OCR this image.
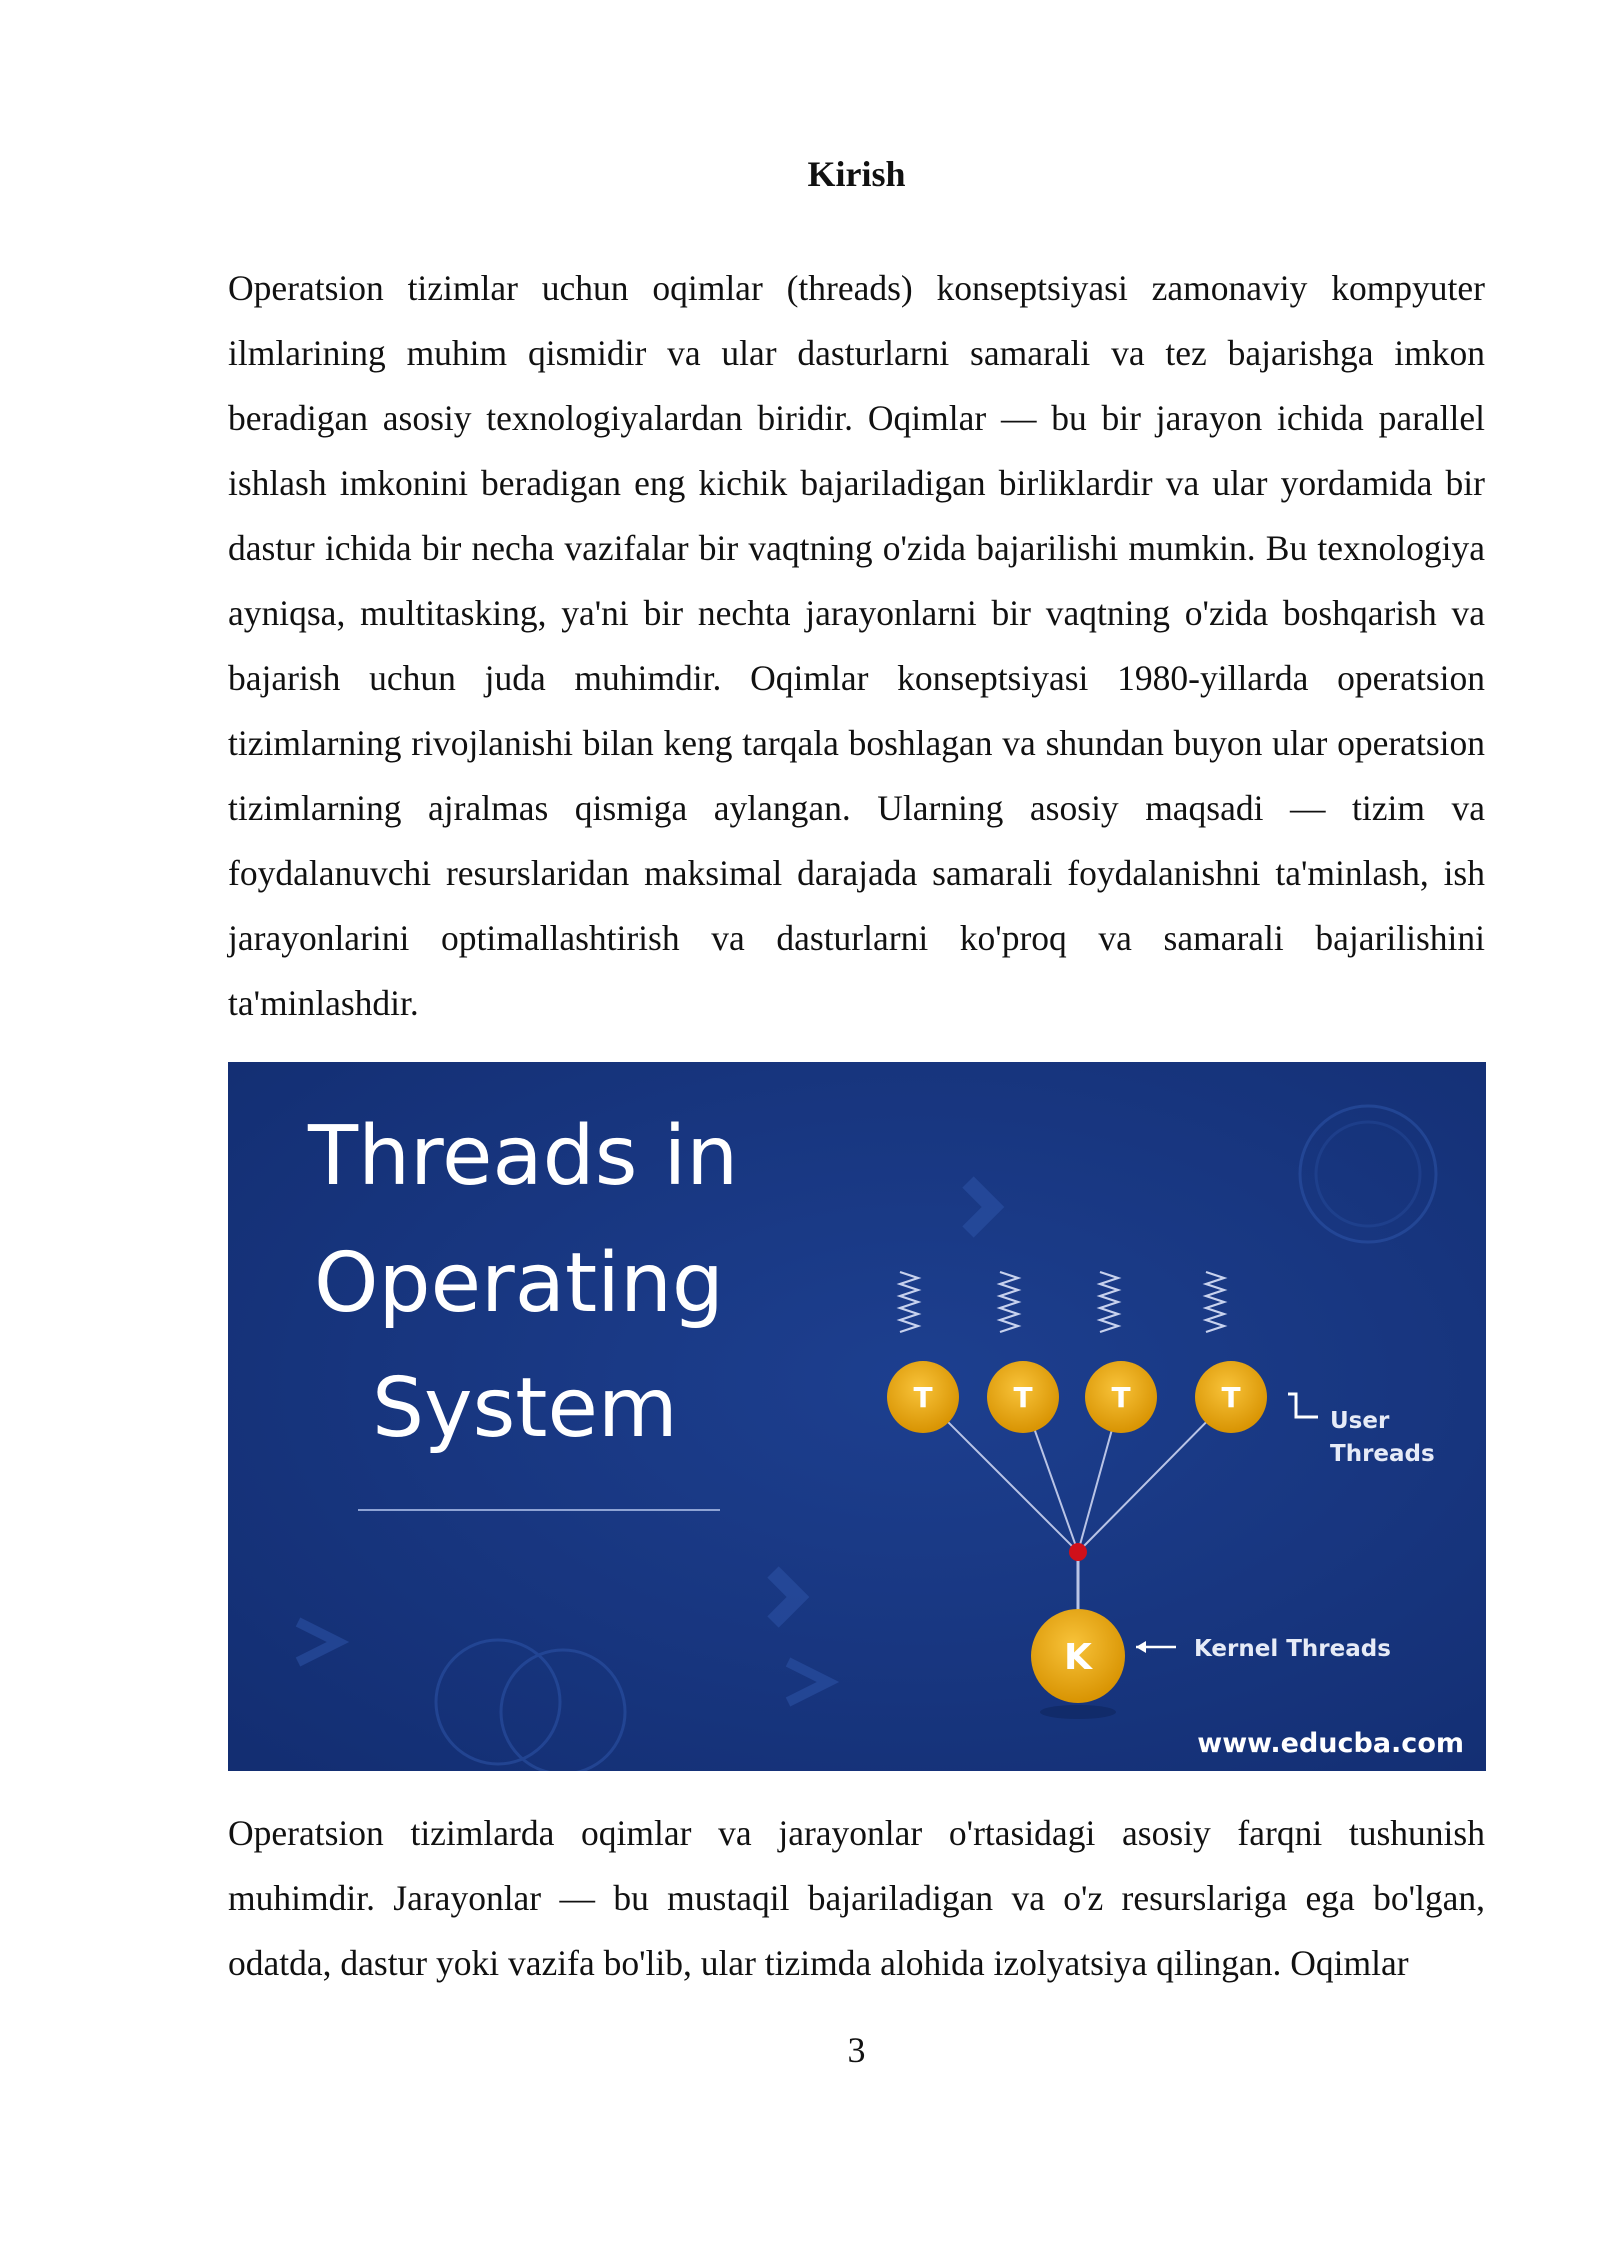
Kirish

Operatsion tizimlar uchun oqimlar (threads) konseptsiyasi zamonaviy kompyuter ilmlarining muhim qismidir va ular dasturlarni samarali va tez bajarishga imkon beradigan asosiy texnologiyalardan biridir. Oqimlar — bu bir jarayon ichida parallel ishlash imkonini beradigan eng kichik bajariladigan birliklardir va ular yordamida bir dastur ichida bir necha vazifalar bir vaqtning o'zida bajarilishi mumkin. Bu texnologiya ayniqsa, multitasking, ya'ni bir nechta jarayonlarni bir vaqtning o'zida boshqarish va bajarish uchun juda muhimdir. Oqimlar konseptsiyasi 1980-yillarda operatsion tizimlarning rivojlanishi bilan keng tarqala boshlagan va shundan buyon ular operatsion tizimlarning ajralmas qismiga aylangan. Ularning asosiy maqsadi — tizim va foydalanuvchi resurslaridan maksimal darajada samarali foydalanishni ta'minlash, ish jarayonlarini optimallashtirish va dasturlarni ko'proq va samarali bajarilishini ta'minlashdir.

Threads in
Operating
System	T	T	T	T
User
Threads
K	Kernel Threads
www.educba.com

Operatsion tizimlarda oqimlar va jarayonlar o'rtasidagi asosiy farqni tushunish muhimdir. Jarayonlar — bu mustaqil bajariladigan va o'z resurslariga ega bo'lgan, odatda, dastur yoki vazifa bo'lib, ular tizimda alohida izolyatsiya qilingan. Oqimlar

3
